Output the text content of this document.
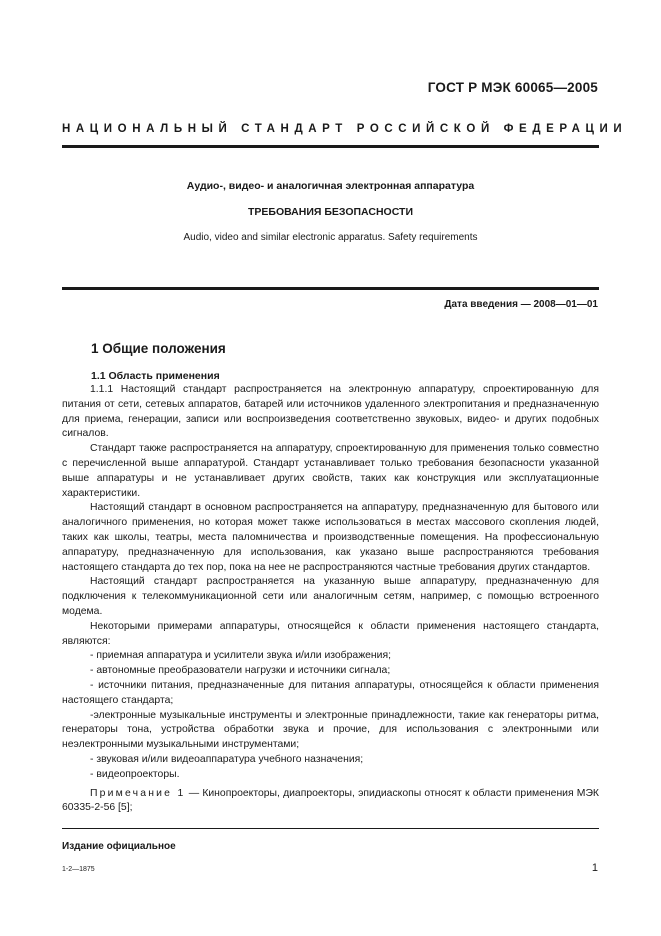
ГОСТ Р МЭК 60065—2005
НАЦИОНАЛЬНЫЙ СТАНДАРТ РОССИЙСКОЙ ФЕДЕРАЦИИ
Аудио-, видео- и аналогичная электронная аппаратура
ТРЕБОВАНИЯ БЕЗОПАСНОСТИ
Audio, video and similar electronic apparatus. Safety requirements
Дата введения — 2008—01—01
1 Общие положения
1.1 Область применения

1.1.1 Настоящий стандарт распространяется на электронную аппаратуру, спроектированную для питания от сети, сетевых аппаратов, батарей или источников удаленного электропитания и предназначенную для приема, генерации, записи или воспроизведения соответственно звуковых, видео- и других подобных сигналов.

Стандарт также распространяется на аппаратуру, спроектированную для применения только совместно с перечисленной выше аппаратурой. Стандарт устанавливает только требования безопасности указанной выше аппаратуры и не устанавливает других свойств, таких как конструкция или эксплуатационные характеристики.

Настоящий стандарт в основном распространяется на аппаратуру, предназначенную для бытового или аналогичного применения, но которая может также использоваться в местах массового скопления людей, таких как школы, театры, места паломничества и производственные помещения. На профессиональную аппаратуру, предназначенную для использования, как указано выше распространяются требования настоящего стандарта до тех пор, пока на нее не распространяются частные требования других стандартов.

Настоящий стандарт распространяется на указанную выше аппаратуру, предназначенную для подключения к телекоммуникационной сети или аналогичным сетям, например, с помощью встроенного модема.

Некоторыми примерами аппаратуры, относящейся к области применения настоящего стандарта, являются:

- приемная аппаратура и усилители звука и/или изображения;

- автономные преобразователи нагрузки и источники сигнала;

- источники питания, предназначенные для питания аппаратуры, относящейся к области применения настоящего стандарта;

-электронные музыкальные инструменты и электронные принадлежности, такие как генераторы ритма, генераторы тона, устройства обработки звука и прочие, для использования с электронными или неэлектронными музыкальными инструментами;

- звуковая и/или видеоаппаратура учебного назначения;

- видеопроекторы.

Примечание 1 — Кинопроекторы, диапроекторы, эпидиаскопы относят к области применения МЭК 60335-2-56 [5];

Издание официальное
1-2—1875	1
